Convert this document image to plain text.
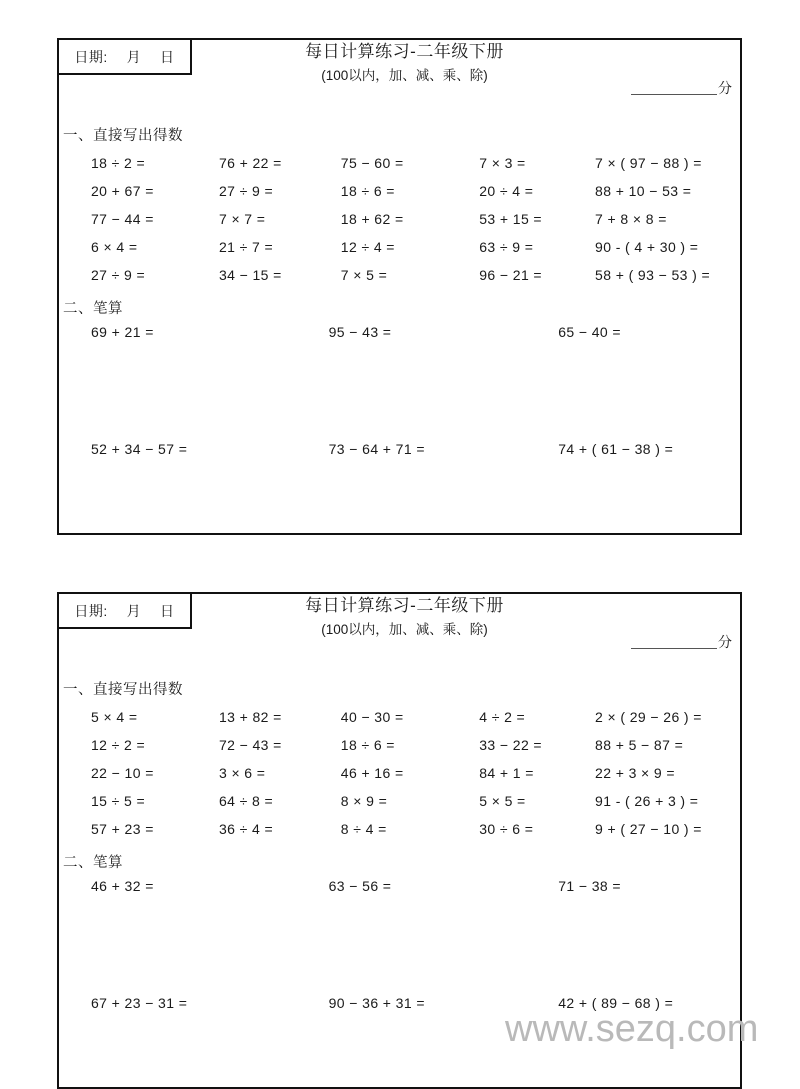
日期: 月 日	每日计算练习-二年级下册

(100以内，加、减、乘、除)

分

一、直接写出得数

18 ÷ 2 =	76 + 22 =	75 − 60 =	7 × 3 =	7 × ( 97 − 88 ) =
20 + 67 =	27 ÷ 9 =	18 ÷ 6 =	20 ÷ 4 =	88 + 10 − 53 =
77 − 44 =	7 × 7 =	18 + 62 =	53 + 15 =	7 + 8 × 8 =
6 × 4 =	21 ÷ 7 =	12 ÷ 4 =	63 ÷ 9 =	90 - ( 4 + 30 ) =
27 ÷ 9 =	34 − 15 =	7 × 5 =	96 − 21 =	58 + ( 93 − 53 ) =

二、笔算

69 + 21 =	95 − 43 =	65 − 40 =
52 + 34 − 57 =	73 − 64 + 71 =	74 + ( 61 − 38 ) =
日期: 月 日	每日计算练习-二年级下册

(100以内，加、减、乘、除)

分

一、直接写出得数

5 × 4 =	13 + 82 =	40 − 30 =	4 ÷ 2 =	2 × ( 29 − 26 ) =
12 ÷ 2 =	72 − 43 =	18 ÷ 6 =	33 − 22 =	88 + 5 − 87 =
22 − 10 =	3 × 6 =	46 + 16 =	84 + 1 =	22 + 3 × 9 =
15 ÷ 5 =	64 ÷ 8 =	8 × 9 =	5 × 5 =	91 - ( 26 + 3 ) =
57 + 23 =	36 ÷ 4 =	8 ÷ 4 =	30 ÷ 6 =	9 + ( 27 − 10 ) =

二、笔算

46 + 32 =	63 − 56 =	71 − 38 =
67 + 23 − 31 =	90 − 36 + 31 =	42 + ( 89 − 68 ) =
www.sezq.com
